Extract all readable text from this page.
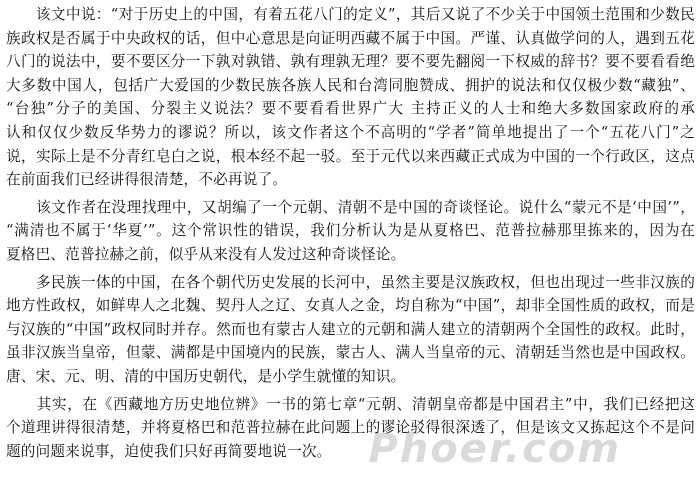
　　该文中说：“对于历史上的中国，有着五花八门的定义”，其后又说了不少关于中国领土范围和少数民
族政权是否属于中央政权的话，但中心意思是向证明西藏不属于中国。严谨、认真做学问的人，遇到五花
八门的说法中，要不要区分一下孰对孰错、孰有理孰无理？要不要先翻阅一下权威的辞书？要不要看看绝
大多数中国人，包括广大爱国的少数民族各族人民和台湾同胞赞成、拥护的说法和仅仅极少数“藏独”、
“台独”分子的美国、分裂主义说法？要不要看看世界广大 主持正义的人士和绝大多数国家政府的承
认和仅仅少数反华势力的谬说？所以，该文作者这个不高明的“学者”简单地提出了一个“五花八门”之
说，实际上是不分青红皂白之说，根本经不起一驳。至于元代以来西藏正式成为中国的一个行政区，这点
在前面我们已经讲得很清楚，不必再说了。
　　该文作者在没理找理中，又胡编了一个元朝、清朝不是中国的奇谈怪论。说什么“蒙元不是‘中国’”，
“满清也不属于‘华夏’”。这个常识性的错误，我们分析认为是从夏格巴、范普拉赫那里拣来的，因为在
夏格巴、范普拉赫之前，似乎从来没有人发过这种奇谈怪论。
　　多民族一体的中国，在各个朝代历史发展的长河中，虽然主要是汉族政权，但也出现过一些非汉族的
地方性政权，如鲜卑人之北魏、契丹人之辽、女真人之金，均自称为“中国”，却非全国性质的政权，而是
与汉族的“中国”政权同时并存。然而也有蒙古人建立的元朝和满人建立的清朝两个全国性的政权。此时，
虽非汉族当皇帝，但蒙、满都是中国境内的民族，蒙古人、满人当皇帝的元、清朝廷当然也是中国政权。
唐、宋、元、明、清的中国历史朝代，是小学生就懂的知识。
　　其实，在《西藏地方历史地位辨》一书的第七章“元朝、清朝皇帝都是中国君主”中，我们已经把这
个道理讲得很清楚，并将夏格巴和范普拉赫在此问题上的谬论驳得很深透了，但是该文又拣起这个不是问
题的问题来说事，迫使我们只好再简要地说一次。 Phoer.com
